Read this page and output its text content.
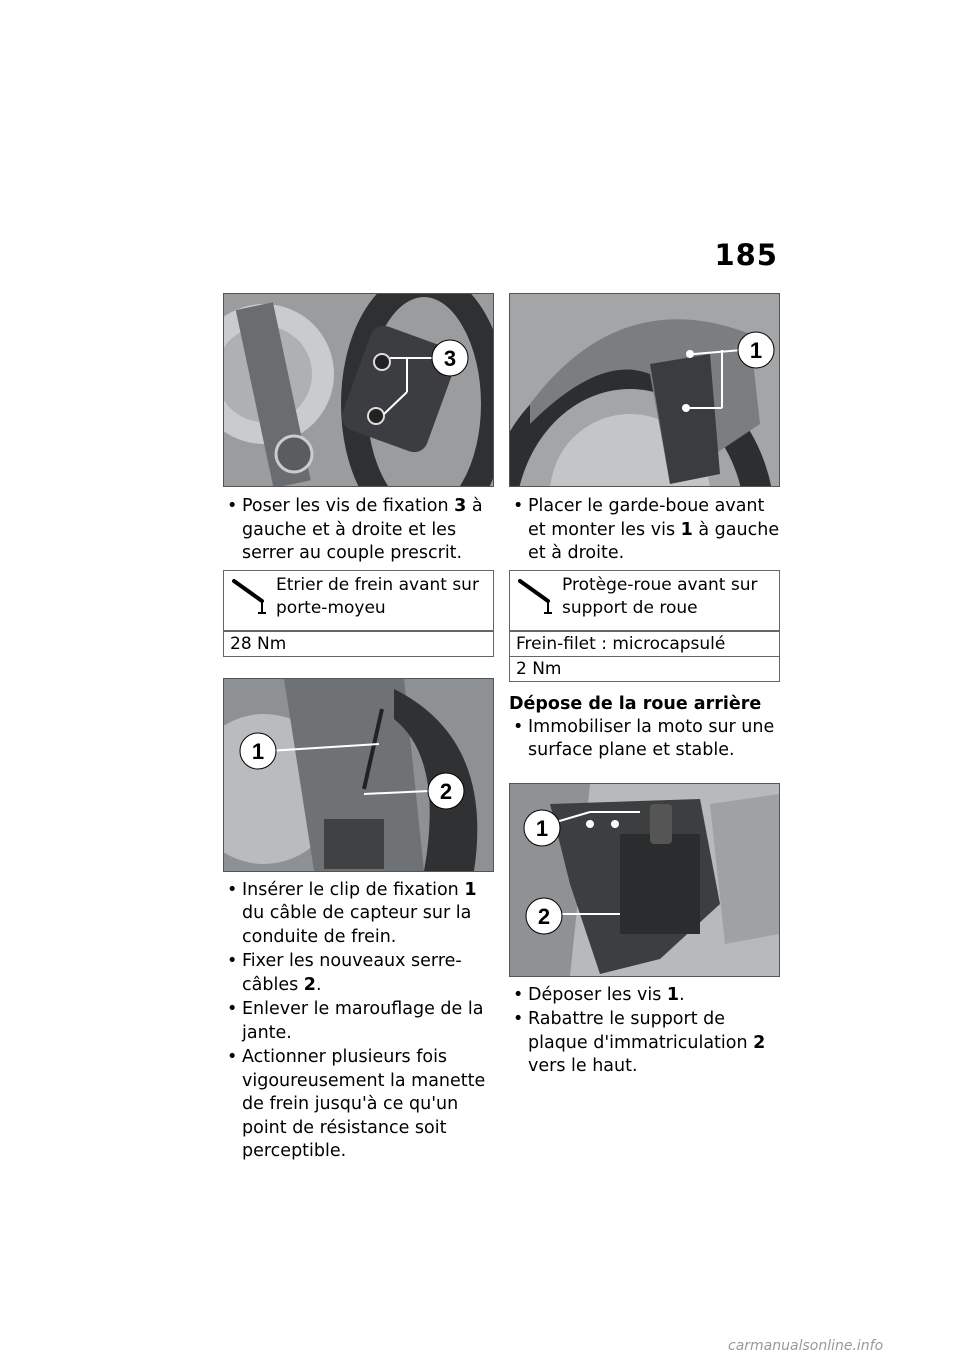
185
3
• Poser les vis de fixation 3 à gauche et à droite et les serrer au couple prescrit.
Etrier de frein avant sur porte-moyeu
28 Nm
1
2
• Insérer le clip de fixation 1 du câble de capteur sur la conduite de frein.
• Fixer les nouveaux serre-câbles 2.
• Enlever le marouflage de la jante.
• Actionner plusieurs fois vigoureusement la manette de frein jusqu'à ce qu'un point de résistance soit perceptible.
1
• Placer le garde-boue avant et monter les vis 1 à gauche et à droite.
Protège-roue avant sur support de roue
Frein-filet : microcapsulé
2 Nm
Dépose de la roue arrière
• Immobiliser la moto sur une surface plane et stable.
1
2
• Déposer les vis 1.
• Rabattre le support de plaque d'immatriculation 2 vers le haut.
carmanualsonline.info
